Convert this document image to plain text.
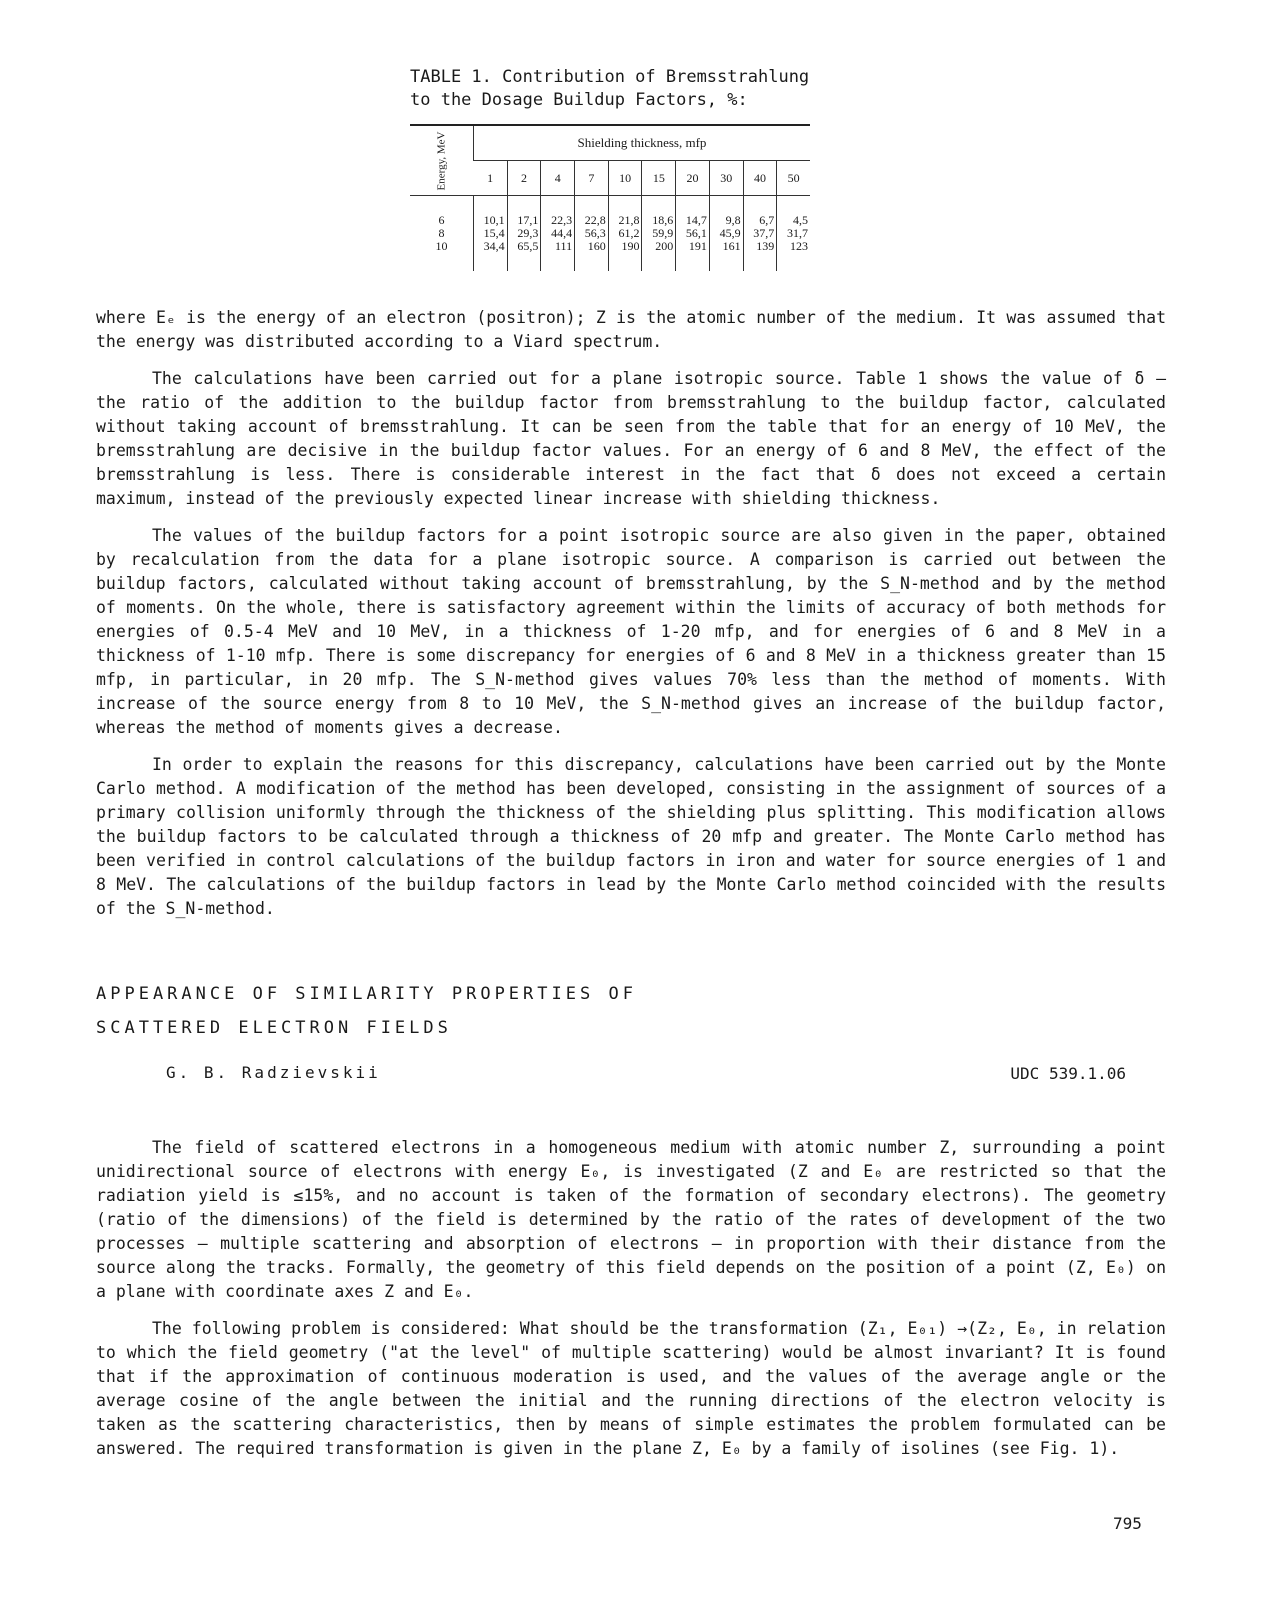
TABLE 1. Contribution of Bremsstrahlung
to the Dosage Buildup Factors, %:

Energy, MeV	Shielding thickness, mfp									
	1	2	4	7	10	15	20	30	40	50

6	10,1	17,1	22,3	22,8	21,8	18,6	14,7	9,8	6,7	4,5
8	15,4	29,3	44,4	56,3	61,2	59,9	56,1	45,9	37,7	31,7
10	34,4	65,5	111	160	190	200	191	161	139	123

where Eₑ is the energy of an electron (positron); Z is the atomic number of the medium. It was assumed that the energy was distributed according to a Viard spectrum.

The calculations have been carried out for a plane isotropic source. Table 1 shows the value of δ — the ratio of the addition to the buildup factor from bremsstrahlung to the buildup factor, calculated without taking account of bremsstrahlung. It can be seen from the table that for an energy of 10 MeV, the bremsstrahlung are decisive in the buildup factor values. For an energy of 6 and 8 MeV, the effect of the bremsstrahlung is less. There is considerable interest in the fact that δ does not exceed a certain maximum, instead of the previously expected linear increase with shielding thickness.

The values of the buildup factors for a point isotropic source are also given in the paper, obtained by recalculation from the data for a plane isotropic source. A comparison is carried out between the buildup factors, calculated without taking account of bremsstrahlung, by the S_N-method and by the method of moments. On the whole, there is satisfactory agreement within the limits of accuracy of both methods for energies of 0.5-4 MeV and 10 MeV, in a thickness of 1-20 mfp, and for energies of 6 and 8 MeV in a thickness of 1-10 mfp. There is some discrepancy for energies of 6 and 8 MeV in a thickness greater than 15 mfp, in particular, in 20 mfp. The S_N-method gives values 70% less than the method of moments. With increase of the source energy from 8 to 10 MeV, the S_N-method gives an increase of the buildup factor, whereas the method of moments gives a decrease.

In order to explain the reasons for this discrepancy, calculations have been carried out by the Monte Carlo method. A modification of the method has been developed, consisting in the assignment of sources of a primary collision uniformly through the thickness of the shielding plus splitting. This modification allows the buildup factors to be calculated through a thickness of 20 mfp and greater. The Monte Carlo method has been verified in control calculations of the buildup factors in iron and water for source energies of 1 and 8 MeV. The calculations of the buildup factors in lead by the Monte Carlo method coincided with the results of the S_N-method.

APPEARANCE OF SIMILARITY PROPERTIES OF
SCATTERED ELECTRON FIELDS
G. B. Radzievskii	UDC 539.1.06

The field of scattered electrons in a homogeneous medium with atomic number Z, surrounding a point unidirectional source of electrons with energy E₀, is investigated (Z and E₀ are restricted so that the radiation yield is ≤15%, and no account is taken of the formation of secondary electrons). The geometry (ratio of the dimensions) of the field is determined by the ratio of the rates of development of the two processes — multiple scattering and absorption of electrons — in proportion with their distance from the source along the tracks. Formally, the geometry of this field depends on the position of a point (Z, E₀) on a plane with coordinate axes Z and E₀.

The following problem is considered: What should be the transformation (Z₁, E₀₁) →(Z₂, E₀, in relation to which the field geometry ("at the level" of multiple scattering) would be almost invariant? It is found that if the approximation of continuous moderation is used, and the values of the average angle or the average cosine of the angle between the initial and the running directions of the electron velocity is taken as the scattering characteristics, then by means of simple estimates the problem formulated can be answered. The required transformation is given in the plane Z, E₀ by a family of isolines (see Fig. 1).

795
